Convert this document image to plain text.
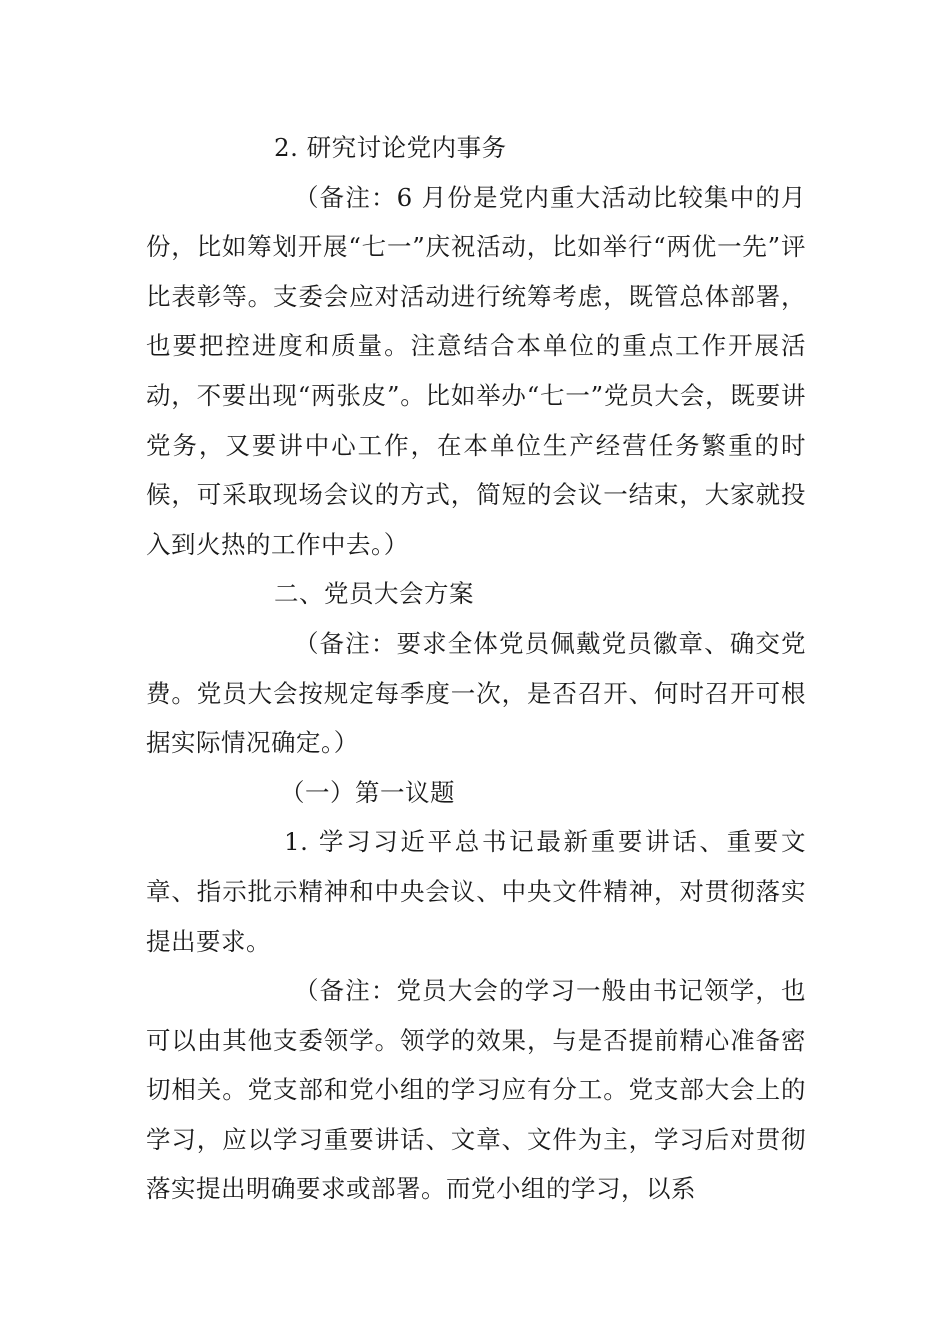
2. 研究讨论党内事务

（备注：6 月份是党内重大活动比较集中的月份，比如筹划开展“七一”庆祝活动，比如举行“两优一先”评比表彰等。支委会应对活动进行统筹考虑，既管总体部署，也要把控进度和质量。注意结合本单位的重点工作开展活动，不要出现“两张皮”。比如举办“七一”党员大会，既要讲党务，又要讲中心工作，在本单位生产经营任务繁重的时候，可采取现场会议的方式，简短的会议一结束，大家就投入到火热的工作中去。）

二、党员大会方案

（备注：要求全体党员佩戴党员徽章、确交党费。党员大会按规定每季度一次，是否召开、何时召开可根据实际情况确定。）

（一）第一议题

1. 学习习近平总书记最新重要讲话、重要文章、指示批示精神和中央会议、中央文件精神，对贯彻落实提出要求。

（备注：党员大会的学习一般由书记领学，也可以由其他支委领学。领学的效果，与是否提前精心准备密切相关。党支部和党小组的学习应有分工。党支部大会上的学习，应以学习重要讲话、文章、文件为主，学习后对贯彻落实提出明确要求或部署。而党小组的学习，以系
